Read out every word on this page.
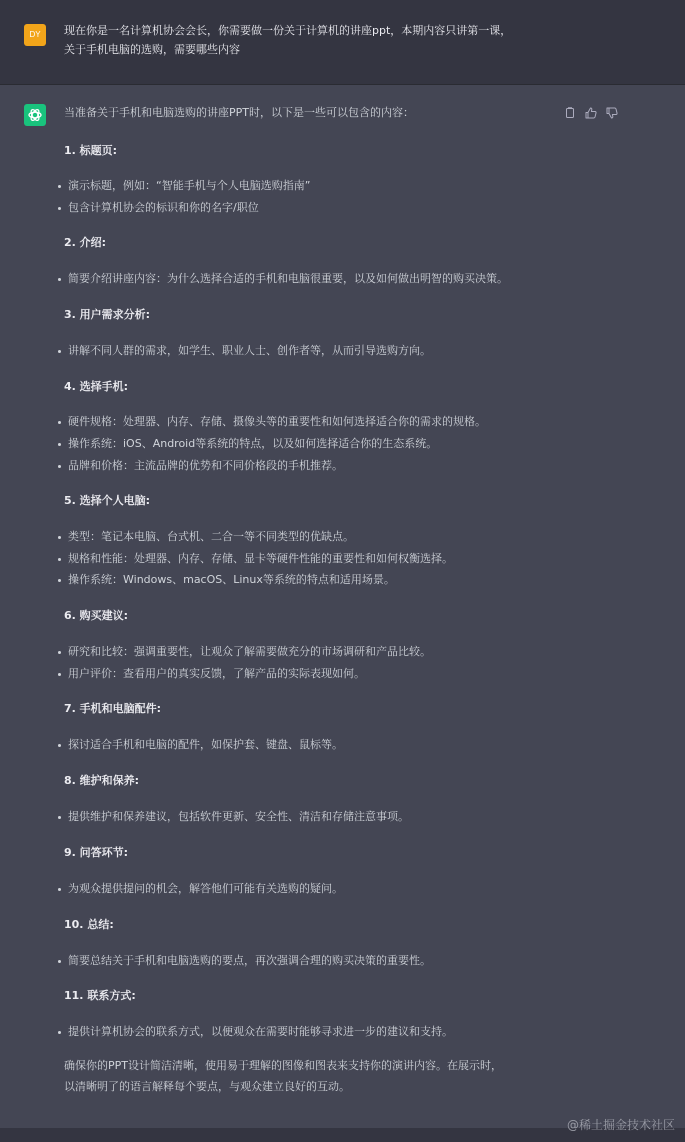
DY	现在你是一名计算机协会会长，你需要做一份关于计算机的讲座ppt，本期内容只讲第一课，
关于手机电脑的选购，需要哪些内容
当准备关于手机和电脑选购的讲座PPT时，以下是一些可以包含的内容：
1. 标题页:
演示标题，例如：“智能手机与个人电脑选购指南”
包含计算机协会的标识和你的名字/职位
2. 介绍:
简要介绍讲座内容：为什么选择合适的手机和电脑很重要，以及如何做出明智的购买决策。
3. 用户需求分析:
讲解不同人群的需求，如学生、职业人士、创作者等，从而引导选购方向。
4. 选择手机:
硬件规格：处理器、内存、存储、摄像头等的重要性和如何选择适合你的需求的规格。
操作系统：iOS、Android等系统的特点，以及如何选择适合你的生态系统。
品牌和价格：主流品牌的优势和不同价格段的手机推荐。
5. 选择个人电脑:
类型：笔记本电脑、台式机、二合一等不同类型的优缺点。
规格和性能：处理器、内存、存储、显卡等硬件性能的重要性和如何权衡选择。
操作系统：Windows、macOS、Linux等系统的特点和适用场景。
6. 购买建议:
研究和比较：强调重要性，让观众了解需要做充分的市场调研和产品比较。
用户评价：查看用户的真实反馈，了解产品的实际表现如何。
7. 手机和电脑配件:
探讨适合手机和电脑的配件，如保护套、键盘、鼠标等。
8. 维护和保养:
提供维护和保养建议，包括软件更新、安全性、清洁和存储注意事项。
9. 问答环节:
为观众提供提问的机会，解答他们可能有关选购的疑问。
10. 总结:
简要总结关于手机和电脑选购的要点，再次强调合理的购买决策的重要性。
11. 联系方式:
提供计算机协会的联系方式，以便观众在需要时能够寻求进一步的建议和支持。
确保你的PPT设计简洁清晰，使用易于理解的图像和图表来支持你的演讲内容。在展示时，
以清晰明了的语言解释每个要点，与观众建立良好的互动。
@稀土掘金技术社区
